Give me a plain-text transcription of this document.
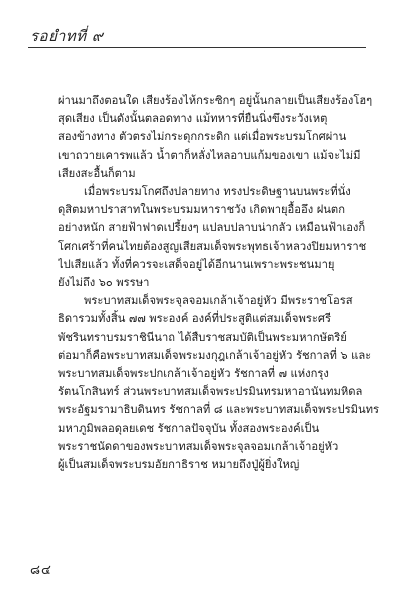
รอยำทที่ ๙
ผ่านมาถึงตอนใด เสียงร้องไห้กระซิกๆ อยู่นั้นกลายเป็นเสียงร้องโฮๆ
สุดเสียง เป็นดังนั้นตลอดทาง แม้ทหารที่ยืนนิ่งขึงระวังเหตุ
สองข้างทาง ตัวตรงไม่กระดุกกระดิก แต่เมื่อพระบรมโกศผ่าน
เขาถวายเคารพแล้ว น้ำตาก็หลั่งไหลอาบแก้มของเขา แม้จะไม่มี
เสียงสะอื้นก็ตาม
เมื่อพระบรมโกศถึงปลายทาง ทรงประดิษฐานบนพระที่นั่ง
ดุสิตมหาปราสาทในพระบรมมหาราชวัง เกิดพายุอื้ออึง ฝนตก
อย่างหนัก สายฟ้าฟาดเปรี้ยงๆ แปลบปลาบน่ากลัว เหมือนฟ้าเองก็
โศกเศร้าที่คนไทยต้องสูญเสียสมเด็จพระพุทธเจ้าหลวงปิยมหาราช
ไปเสียแล้ว ทั้งที่ควรจะเสด็จอยู่ได้อีกนานเพราะพระชนมายุ
ยังไม่ถึง ๖๐ พรรษา
พระบาทสมเด็จพระจุลจอมเกล้าเจ้าอยู่หัว มีพระราชโอรส
ธิดารวมทั้งสิ้น ๗๗ พระองค์ องค์ที่ประสูติแต่สมเด็จพระศรี
พัชรินทราบรมราชินีนาถ ได้สืบราชสมบัติเป็นพระมหากษัตริย์
ต่อมาก็คือพระบาทสมเด็จพระมงกุฎเกล้าเจ้าอยู่หัว รัชกาลที่ ๖ และ
พระบาทสมเด็จพระปกเกล้าเจ้าอยู่หัว รัชกาลที่ ๗ แห่งกรุง
รัตนโกสินทร์ ส่วนพระบาทสมเด็จพระปรมินทรมหาอานันทมหิดล
พระอัฐมรามาธิบดินทร รัชกาลที่ ๘ และพระบาทสมเด็จพระปรมินทร
มหาภูมิพลอดุลยเดช รัชกาลปัจจุบัน ทั้งสองพระองค์เป็น
พระราชนัดดาของพระบาทสมเด็จพระจุลจอมเกล้าเจ้าอยู่หัว
ผู้เป็นสมเด็จพระบรมอัยกาธิราช หมายถึงปู่ผู้ยิ่งใหญ่
๘๔
